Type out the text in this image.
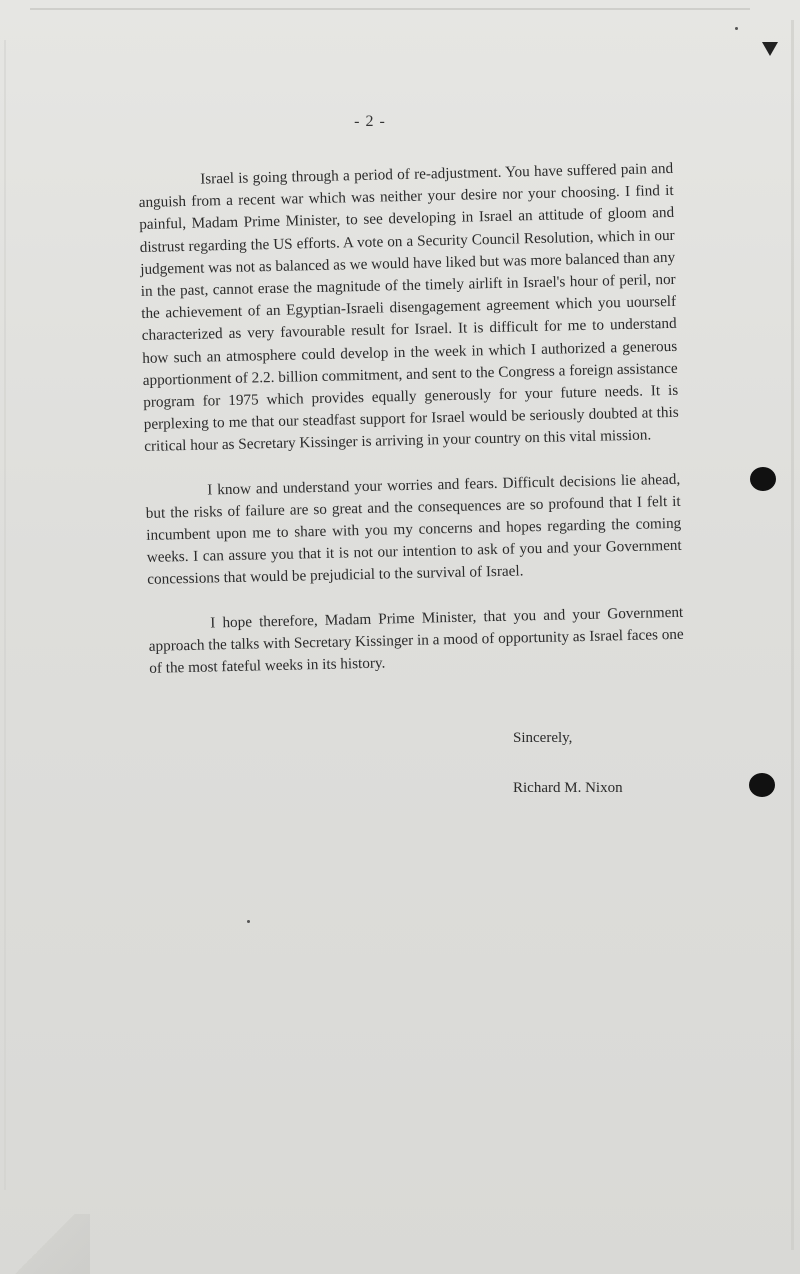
- 2 -

Israel is going through a period of re-adjustment. You have suffered pain and anguish from a recent war which was neither your desire nor your choosing. I find it painful, Madam Prime Minister, to see developing in Israel an attitude of gloom and distrust regarding the US efforts. A vote on a Security Council Resolution, which in our judgement was not as balanced as we would have liked but was more balanced than any in the past, cannot erase the magnitude of the timely airlift in Israel's hour of peril, nor the achievement of an Egyptian-Israeli disengagement agreement which you uourself characterized as very favourable result for Israel. It is difficult for me to understand how such an atmosphere could develop in the week in which I authorized a generous apportionment of 2.2. billion commitment, and sent to the Congress a foreign assistance program for 1975 which provides equally generously for your future needs. It is perplexing to me that our steadfast support for Israel would be seriously doubted at this critical hour as Secretary Kissinger is arriving in your country on this vital mission.

I know and understand your worries and fears. Difficult decisions lie ahead, but the risks of failure are so great and the consequences are so profound that I felt it incumbent upon me to share with you my concerns and hopes regarding the coming weeks. I can assure you that it is not our intention to ask of you and your Government concessions that would be prejudicial to the survival of Israel.

I hope therefore, Madam Prime Minister, that you and your Government approach the talks with Secretary Kissinger in a mood of opportunity as Israel faces one of the most fateful weeks in its history.

Sincerely,
Richard M. Nixon
